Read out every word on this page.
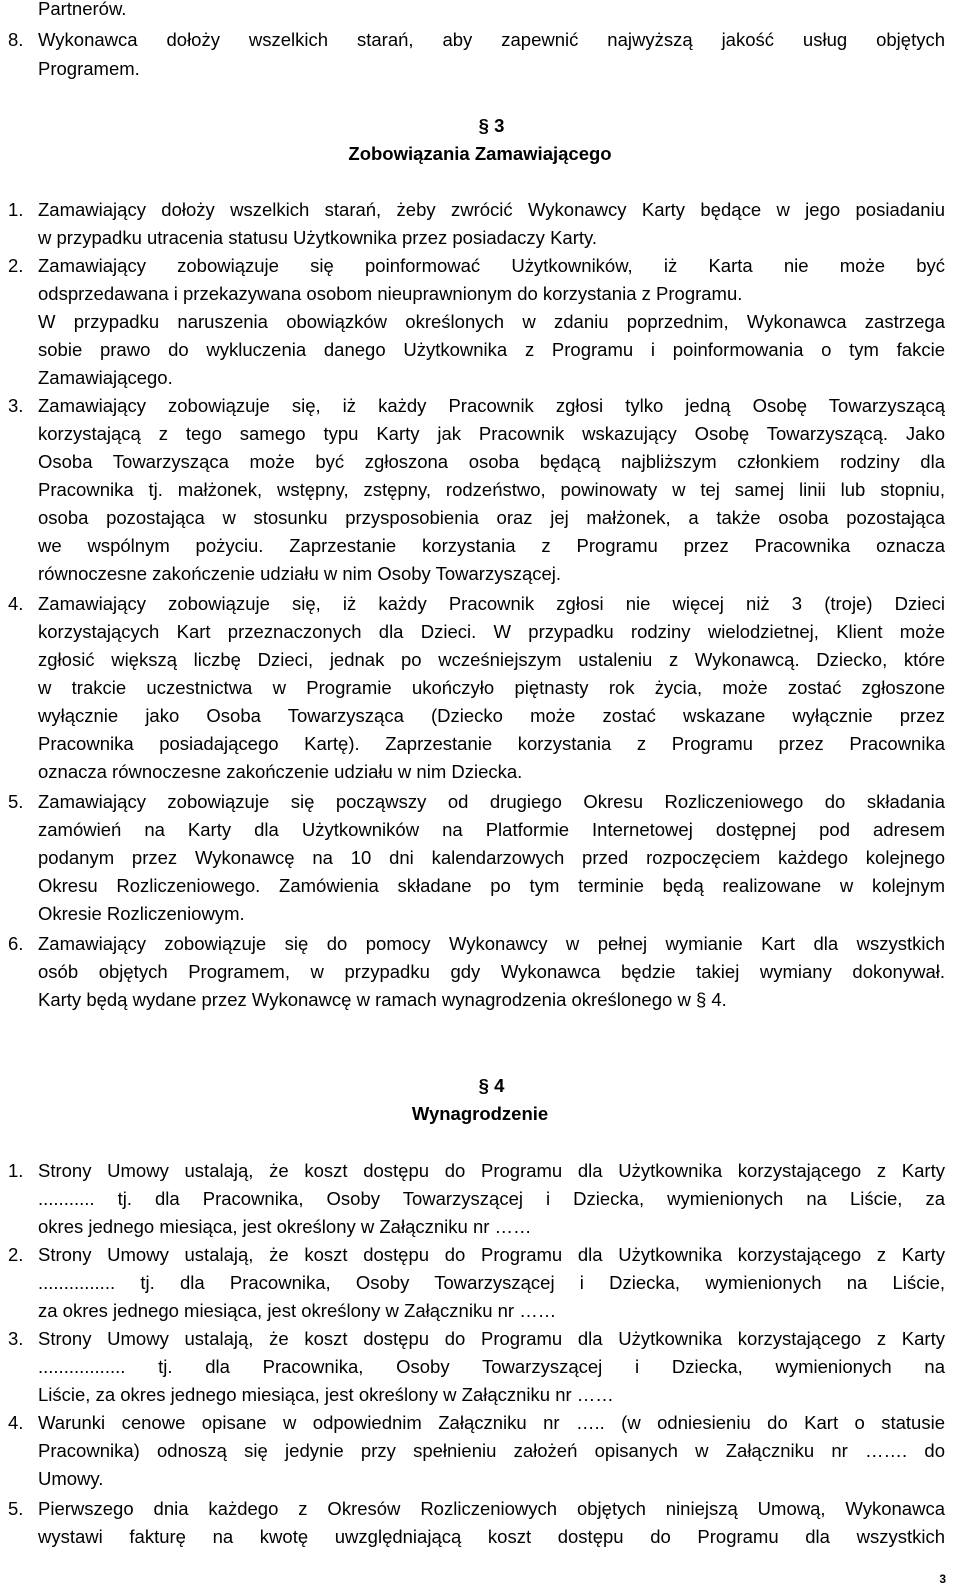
Partnerów.
8. Wykonawca dołoży wszelkich starań, aby zapewnić najwyższą jakość usług objętych
Programem.
§ 3
Zobowiązania Zamawiającego
1. Zamawiający dołoży wszelkich starań, żeby zwrócić Wykonawcy Karty będące w jego posiadaniu
w przypadku utracenia statusu Użytkownika przez posiadaczy Karty.
2. Zamawiający zobowiązuje się poinformować Użytkowników, iż Karta nie może być
odsprzedawana i przekazywana osobom nieuprawnionym do korzystania z Programu.
W przypadku naruszenia obowiązków określonych w zdaniu poprzednim, Wykonawca zastrzega
sobie prawo do wykluczenia danego Użytkownika z Programu i poinformowania o tym fakcie
Zamawiającego.
3. Zamawiający zobowiązuje się, iż każdy Pracownik zgłosi tylko jedną Osobę Towarzyszącą
korzystającą z tego samego typu Karty jak Pracownik wskazujący Osobę Towarzyszącą. Jako
Osoba Towarzysząca może być zgłoszona osoba będącą najbliższym członkiem rodziny dla
Pracownika tj. małżonek, wstępny, zstępny, rodzeństwo, powinowaty w tej samej linii lub stopniu,
osoba pozostająca w stosunku przysposobienia oraz jej małżonek, a także osoba pozostająca
we wspólnym pożyciu. Zaprzestanie korzystania z Programu przez Pracownika oznacza
równoczesne zakończenie udziału w nim Osoby Towarzyszącej.
4. Zamawiający zobowiązuje się, iż każdy Pracownik zgłosi nie więcej niż 3 (troje) Dzieci
korzystających Kart przeznaczonych dla Dzieci. W przypadku rodziny wielodzietnej, Klient może
zgłosić większą liczbę Dzieci, jednak po wcześniejszym ustaleniu z Wykonawcą. Dziecko, które
w trakcie uczestnictwa w Programie ukończyło piętnasty rok życia, może zostać zgłoszone
wyłącznie jako Osoba Towarzysząca (Dziecko może zostać wskazane wyłącznie przez
Pracownika posiadającego Kartę). Zaprzestanie korzystania z Programu przez Pracownika
oznacza równoczesne zakończenie udziału w nim Dziecka.
5. Zamawiający zobowiązuje się począwszy od drugiego Okresu Rozliczeniowego do składania
zamówień na Karty dla Użytkowników na Platformie Internetowej dostępnej pod adresem
podanym przez Wykonawcę na 10 dni kalendarzowych przed rozpoczęciem każdego kolejnego
Okresu Rozliczeniowego. Zamówienia składane po tym terminie będą realizowane w kolejnym
Okresie Rozliczeniowym.
6. Zamawiający zobowiązuje się do pomocy Wykonawcy w pełnej wymianie Kart dla wszystkich
osób objętych Programem, w przypadku gdy Wykonawca będzie takiej wymiany dokonywał.
Karty będą wydane przez Wykonawcę w ramach wynagrodzenia określonego w § 4.
§ 4
Wynagrodzenie
1. Strony Umowy ustalają, że koszt dostępu do Programu dla Użytkownika korzystającego z Karty
........... tj. dla Pracownika, Osoby Towarzyszącej i Dziecka, wymienionych na Liście, za
okres jednego miesiąca, jest określony w Załączniku nr ……
2. Strony Umowy ustalają, że koszt dostępu do Programu dla Użytkownika korzystającego z Karty
............... tj. dla Pracownika, Osoby Towarzyszącej i Dziecka, wymienionych na Liście,
za okres jednego miesiąca, jest określony w Załączniku nr ……
3. Strony Umowy ustalają, że koszt dostępu do Programu dla Użytkownika korzystającego z Karty
................. tj. dla Pracownika, Osoby Towarzyszącej i Dziecka, wymienionych na
Liście, za okres jednego miesiąca, jest określony w Załączniku nr ……
4. Warunki cenowe opisane w odpowiednim Załączniku nr ….. (w odniesieniu do Kart o statusie
Pracownika) odnoszą się jedynie przy spełnieniu założeń opisanych w Załączniku nr ……. do
Umowy.
5. Pierwszego dnia każdego z Okresów Rozliczeniowych objętych niniejszą Umową, Wykonawca
wystawi fakturę na kwotę uwzględniającą koszt dostępu do Programu dla wszystkich
3
